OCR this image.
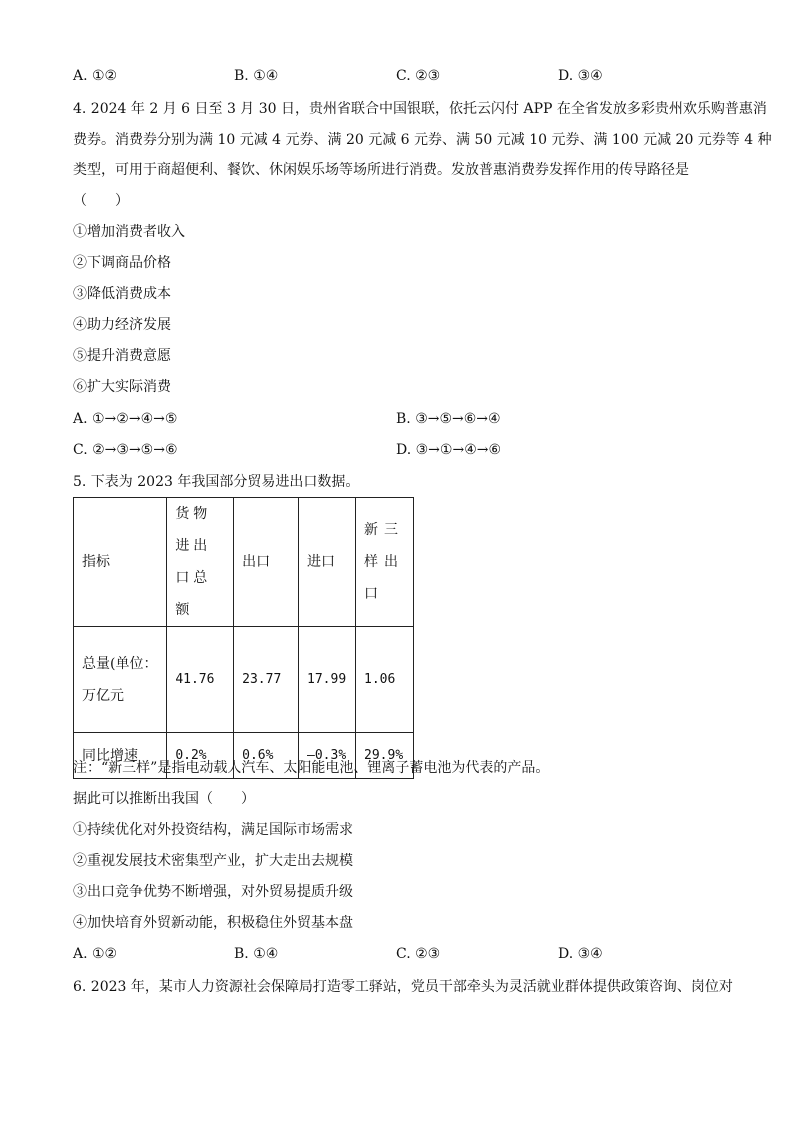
A. ①②	B. ①④	C. ②③	D. ③④
4. 2024 年 2 月 6 日至 3 月 30 日，贵州省联合中国银联，依托云闪付 APP 在全省发放多彩贵州欢乐购普惠消
费券。消费券分别为满 10 元减 4 元券、满 20 元减 6 元券、满 50 元减 10 元券、满 100 元减 20 元券等 4 种
类型，可用于商超便利、餐饮、休闲娱乐场等场所进行消费。发放普惠消费券发挥作用的传导路径是
（　　）
①增加消费者收入
②下调商品价格
③降低消费成本
④助力经济发展
⑤提升消费意愿
⑥扩大实际消费
A. ①→②→④→⑤	B. ③→⑤→⑥→④
C. ②→③→⑤→⑥	D. ③→①→④→⑥
5. 下表为 2023 年我国部分贸易进出口数据。
指标	货物进出口总额	出口	进口	新三样出口
总量(单位：万亿元	41.76	23.77	17.99	1.06
同比增速	0.2%	0.6%	—0.3%	29.9%
注：“新三样”是指电动载人汽车、太阳能电池、锂离子蓄电池为代表的产品。
据此可以推断出我国（　　）
①持续优化对外投资结构，满足国际市场需求
②重视发展技术密集型产业，扩大走出去规模
③出口竞争优势不断增强，对外贸易提质升级
④加快培育外贸新动能，积极稳住外贸基本盘
A. ①②	B. ①④	C. ②③	D. ③④
6. 2023 年，某市人力资源社会保障局打造零工驿站，党员干部牵头为灵活就业群体提供政策咨询、岗位对
